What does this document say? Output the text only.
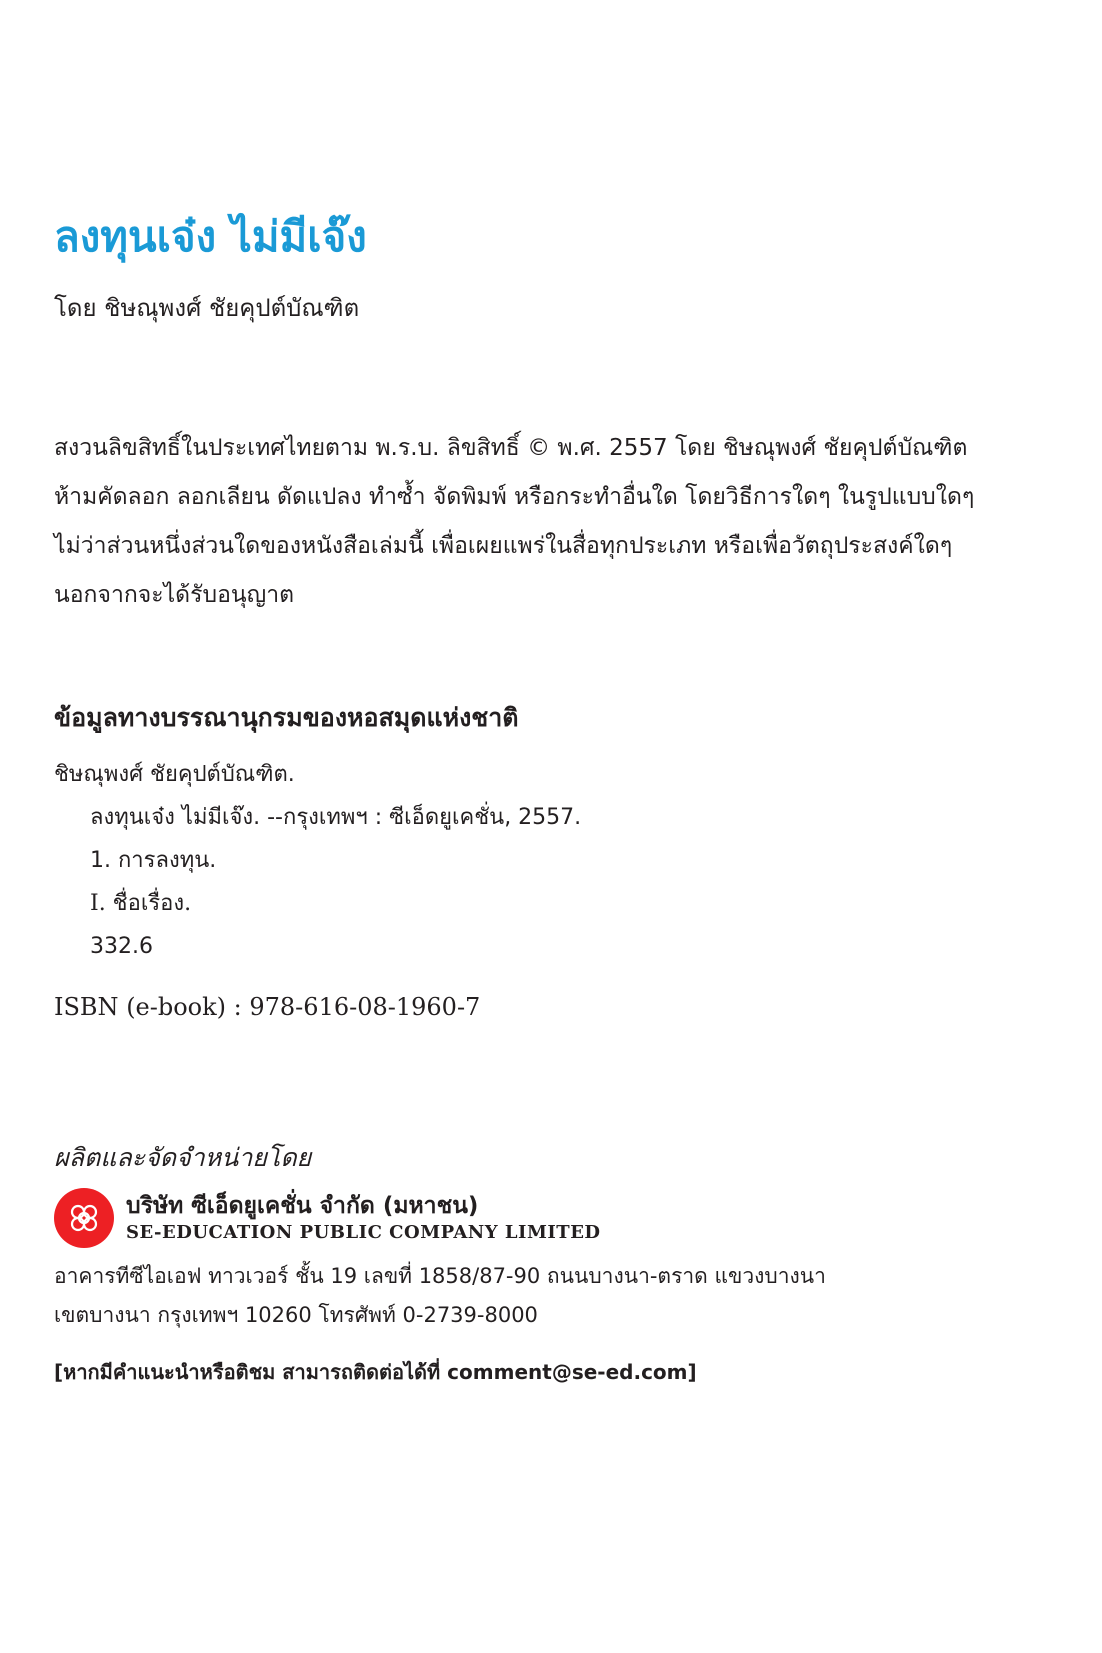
ลงทุนเจ๋ง ไม่มีเจ๊ง
โดย ชิษณุพงศ์ ชัยคุปต์บัณฑิต
สงวนลิขสิทธิ์ในประเทศไทยตาม พ.ร.บ. ลิขสิทธิ์ © พ.ศ. 2557 โดย ชิษณุพงศ์ ชัยคุปต์บัณฑิต
ห้ามคัดลอก ลอกเลียน ดัดแปลง ทำซ้ำ จัดพิมพ์ หรือกระทำอื่นใด โดยวิธีการใดๆ ในรูปแบบใดๆ
ไม่ว่าส่วนหนึ่งส่วนใดของหนังสือเล่มนี้ เพื่อเผยแพร่ในสื่อทุกประเภท หรือเพื่อวัตถุประสงค์ใดๆ
นอกจากจะได้รับอนุญาต
ข้อมูลทางบรรณานุกรมของหอสมุดแห่งชาติ
ชิษณุพงศ์ ชัยคุปต์บัณฑิต.
ลงทุนเจ๋ง ไม่มีเจ๊ง. --กรุงเทพฯ : ซีเอ็ดยูเคชั่น, 2557.
1. การลงทุน.
I. ชื่อเรื่อง.
332.6
ISBN (e-book) : 978-616-08-1960-7
ผลิตและจัดจำหน่ายโดย
บริษัท ซีเอ็ดยูเคชั่น จำกัด (มหาชน)
SE-EDUCATION PUBLIC COMPANY LIMITED
อาคารทีซีไอเอฟ ทาวเวอร์ ชั้น 19 เลขที่ 1858/87-90 ถนนบางนา-ตราด แขวงบางนา
เขตบางนา กรุงเทพฯ 10260 โทรศัพท์ 0-2739-8000
[หากมีคำแนะนำหรือติชม สามารถติดต่อได้ที่ comment@se-ed.com]
